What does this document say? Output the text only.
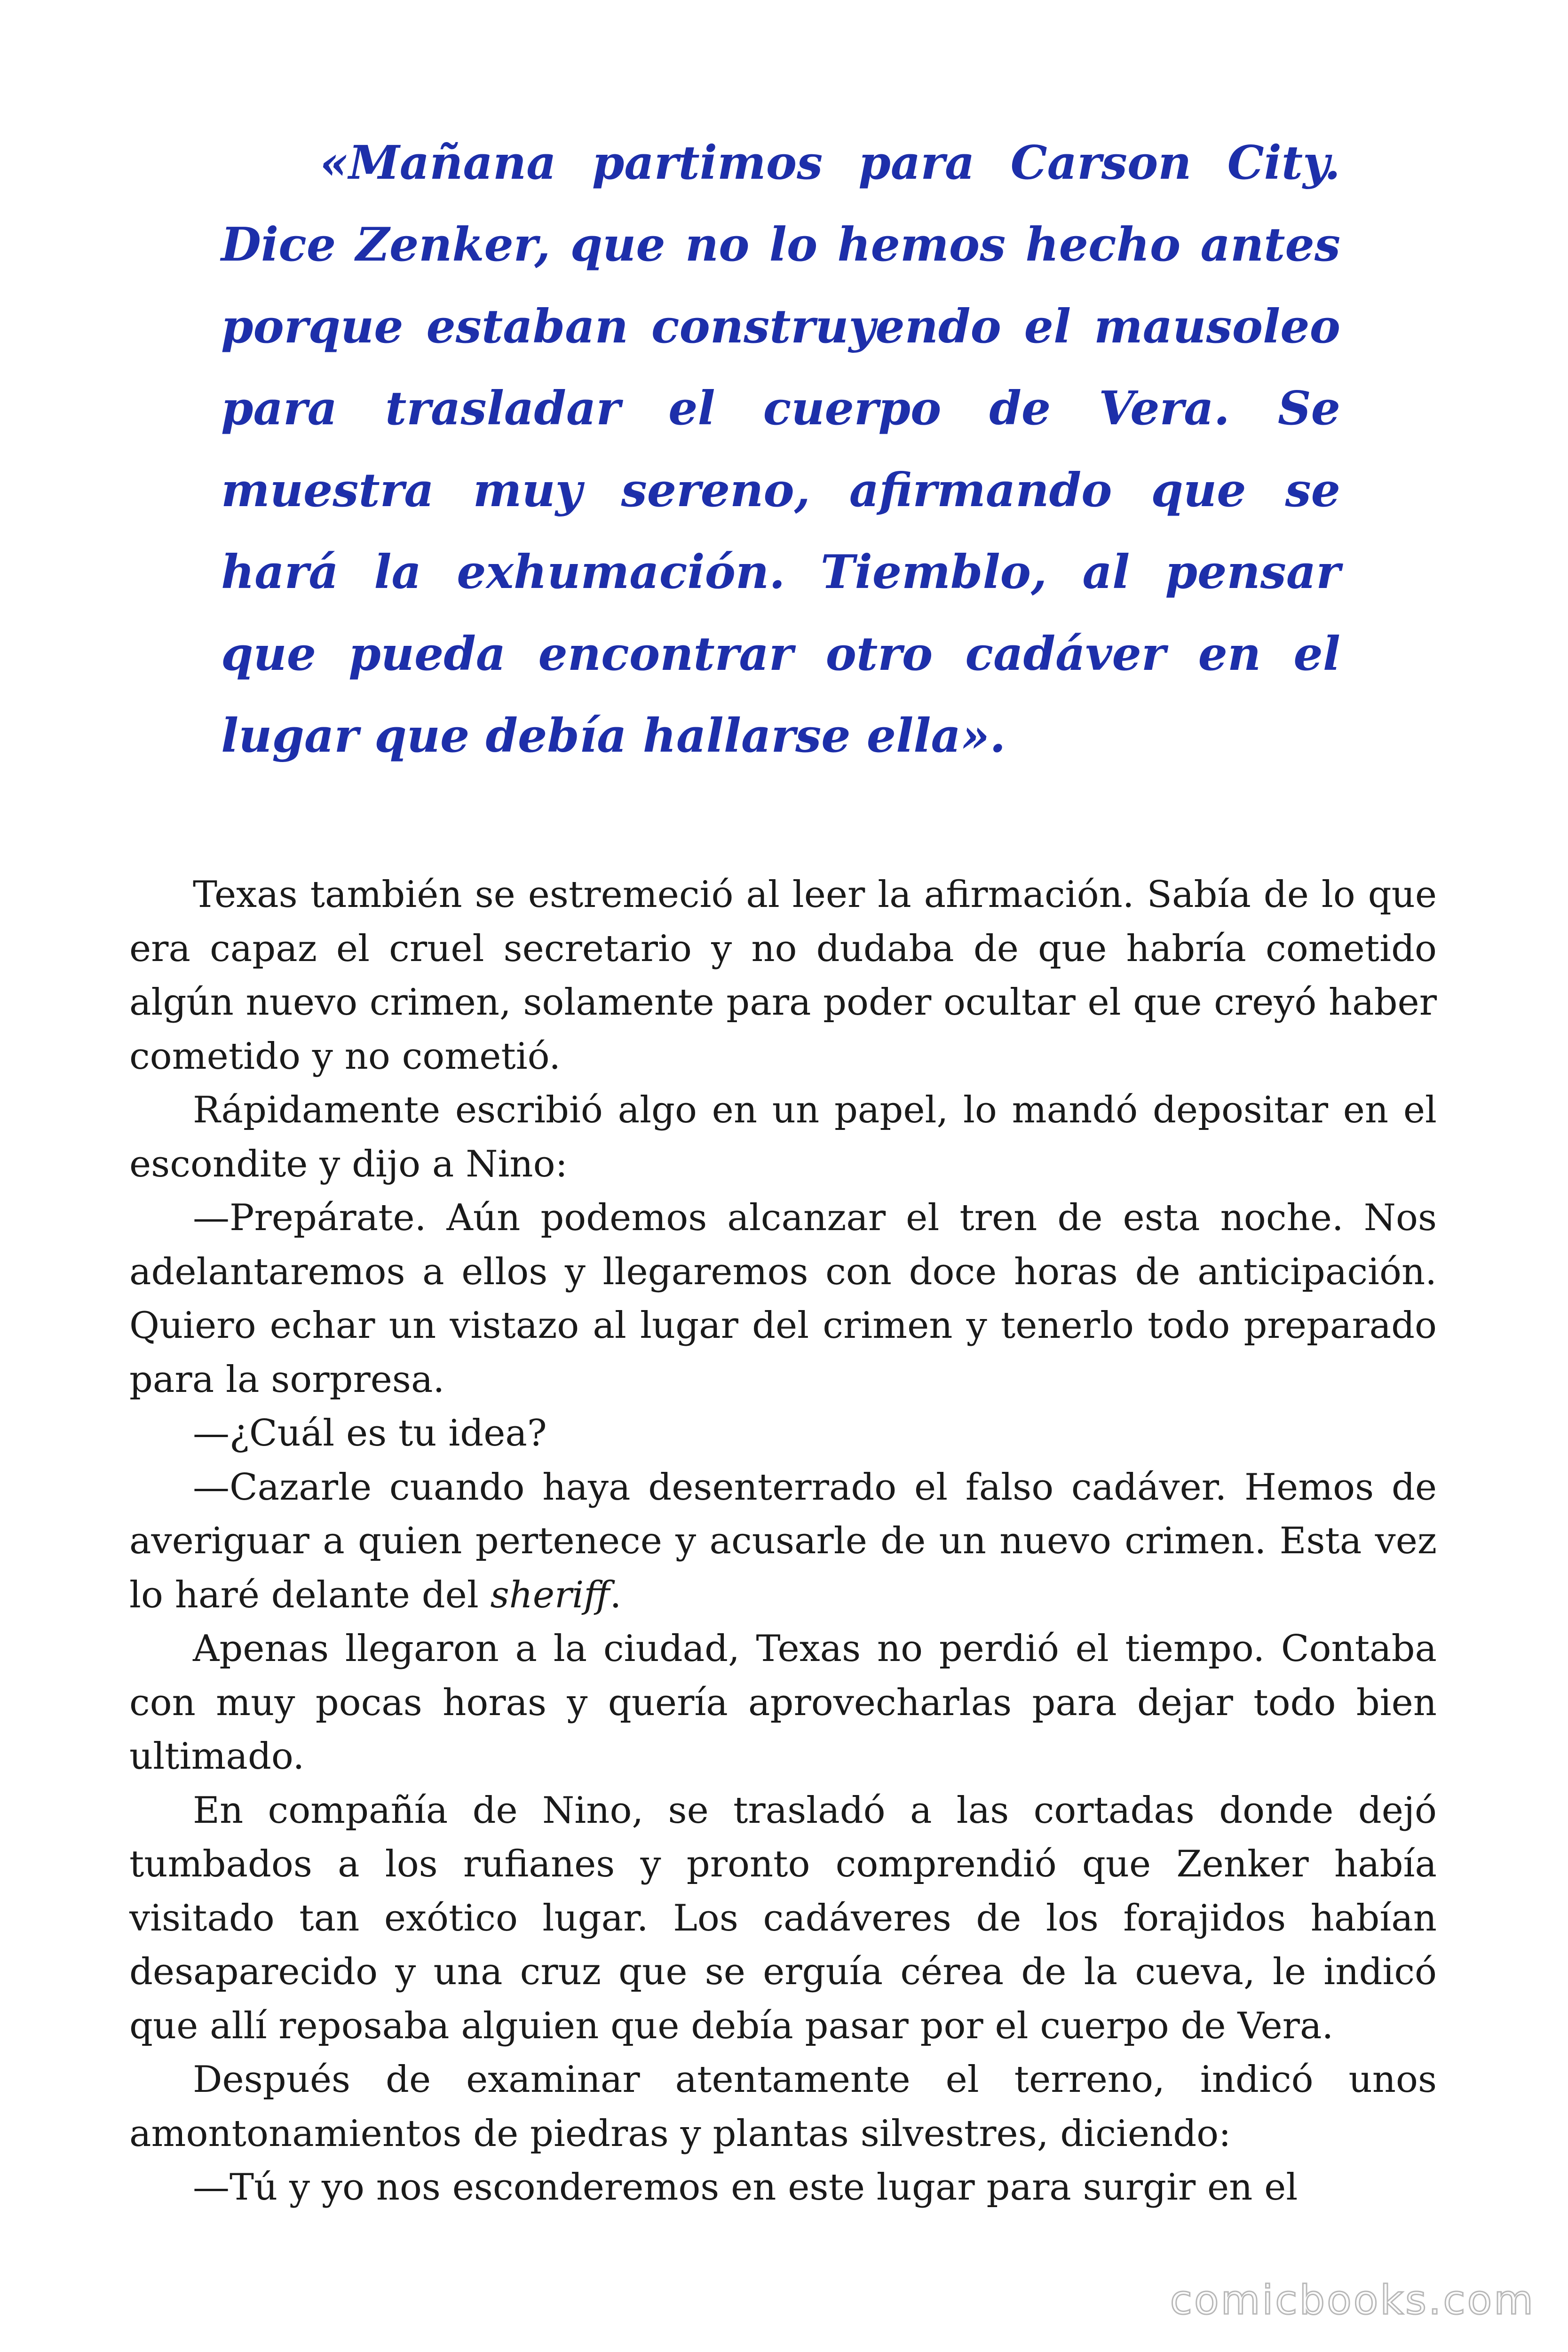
«Mañana partimos para Carson City. Dice Zenker, que no lo hemos hecho antes porque estaban construyendo el mausoleo para trasladar el cuerpo de Vera. Se muestra muy sereno, afirmando que se hará la exhumación. Tiemblo, al pensar que pueda encontrar otro cadáver en el lugar que debía hallarse ella».

Texas también se estremeció al leer la afirmación. Sabía de lo que era capaz el cruel secretario y no dudaba de que habría cometido algún nuevo crimen, solamente para poder ocultar el que creyó haber cometido y no cometió.

Rápidamente escribió algo en un papel, lo mandó depositar en el escondite y dijo a Nino:

—Prepárate. Aún podemos alcanzar el tren de esta noche. Nos adelantaremos a ellos y llegaremos con doce horas de anticipación. Quiero echar un vistazo al lugar del crimen y tenerlo todo preparado para la sorpresa.

—¿Cuál es tu idea?

—Cazarle cuando haya desenterrado el falso cadáver. Hemos de averiguar a quien pertenece y acusarle de un nuevo crimen. Esta vez lo haré delante del sheriff.

Apenas llegaron a la ciudad, Texas no perdió el tiempo. Contaba con muy pocas horas y quería aprovecharlas para dejar todo bien ultimado.

En compañía de Nino, se trasladó a las cortadas donde dejó tumbados a los rufianes y pronto comprendió que Zenker había visitado tan exótico lugar. Los cadáveres de los forajidos habían desaparecido y una cruz que se erguía cérea de la cueva, le indicó que allí reposaba alguien que debía pasar por el cuerpo de Vera.

Después de examinar atentamente el terreno, indicó unos amontonamientos de piedras y plantas silvestres, diciendo:

—Tú y yo nos esconderemos en este lugar para surgir en el

comicbooks.com
